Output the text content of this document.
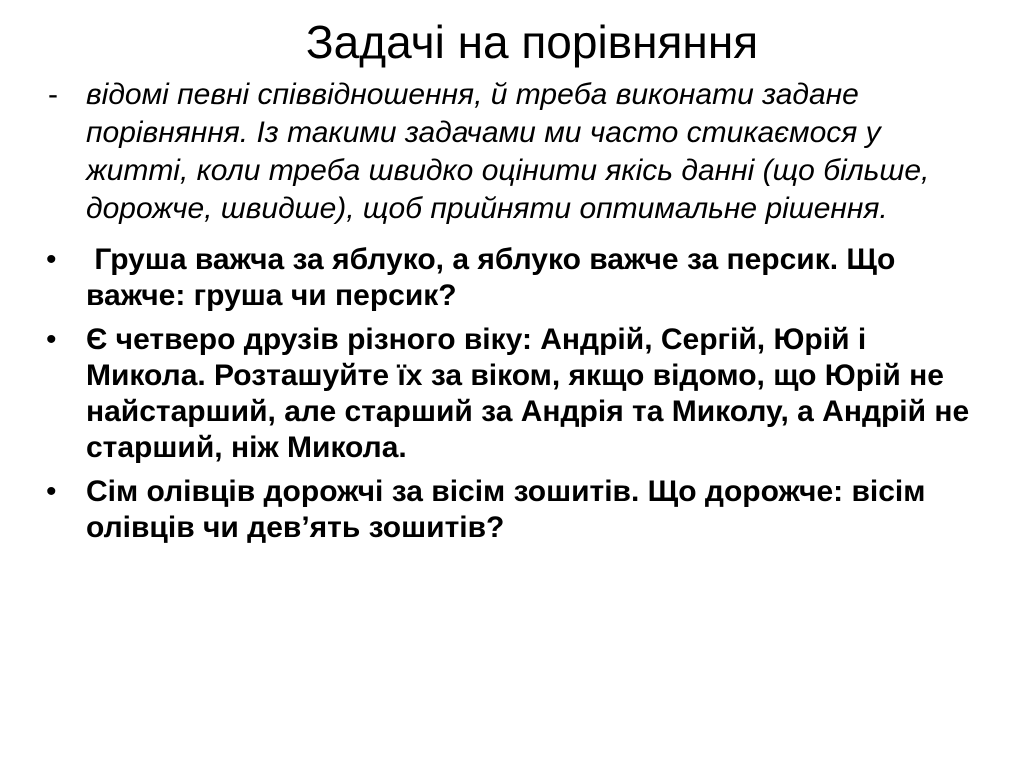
Задачі на порівняння
- відомі певні співвідношення, й треба виконати задане порівняння. Із такими задачами ми часто стикаємося у житті, коли треба швидко оцінити якісь данні (що більше, дорожче, швидше), щоб прийняти оптимальне рішення.
• Груша важча за яблуко, а яблуко важче за персик. Що важче: груша чи персик?
• Є четверо друзів різного віку: Андрій, Сергій, Юрій і Микола. Розташуйте їх за віком, якщо відомо, що Юрій не найстарший, але старший за Андрія та Миколу, а Андрій не старший, ніж Микола.
• Сім олівців дорожчі за вісім зошитів. Що дорожче: вісім олівців чи дев’ять зошитів?
